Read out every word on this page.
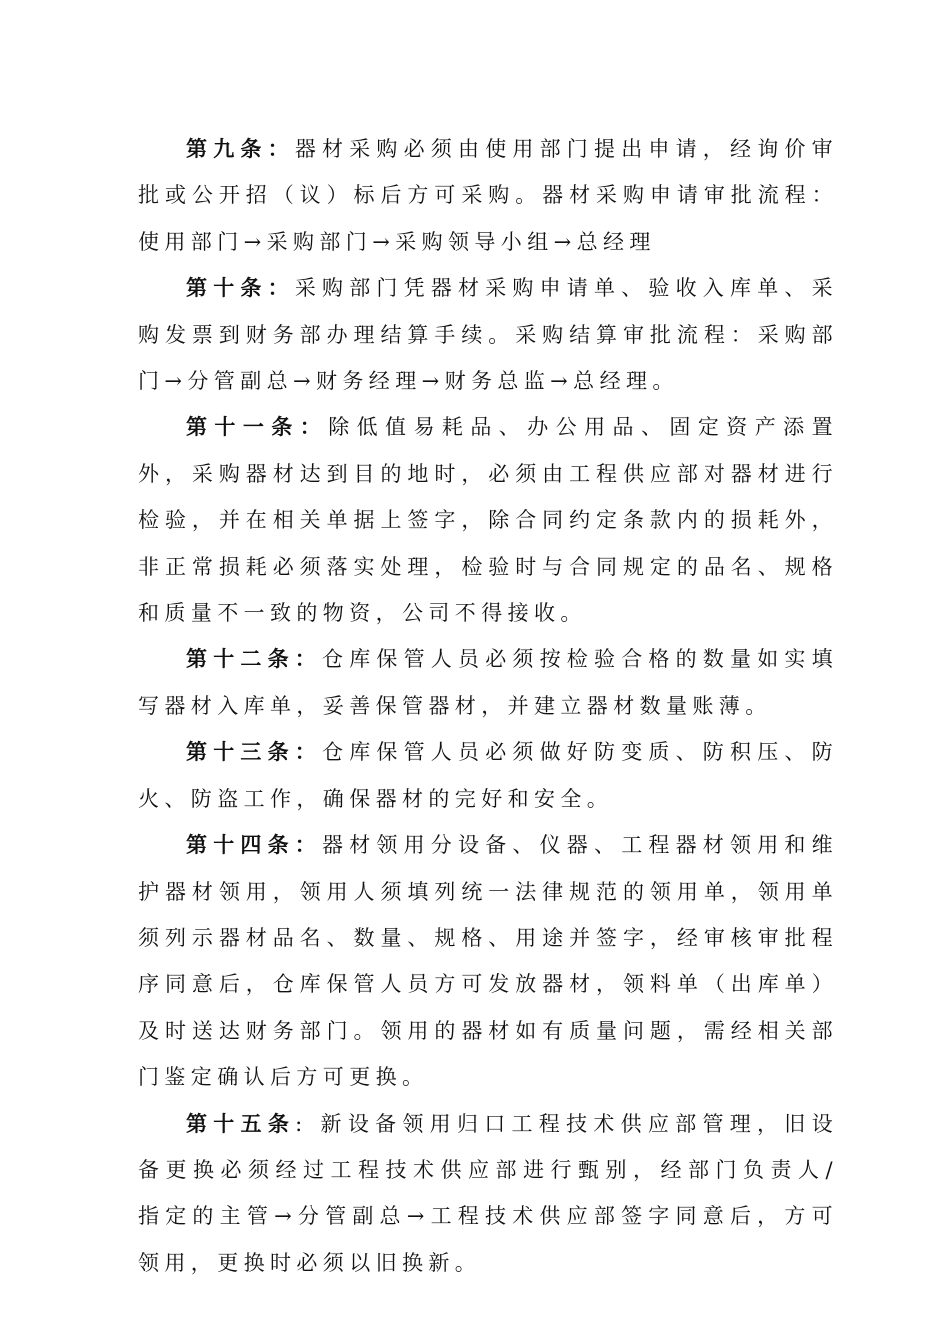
第九条：器材采购必须由使用部门提出申请，经询价审批或公开招（议）标后方可采购。器材采购申请审批流程：使用部门→采购部门→采购领导小组→总经理

第十条：采购部门凭器材采购申请单、验收入库单、采购发票到财务部办理结算手续。采购结算审批流程：采购部门→分管副总→财务经理→财务总监→总经理。

第十一条：除低值易耗品、办公用品、固定资产添置外，采购器材达到目的地时，必须由工程供应部对器材进行检验，并在相关单据上签字，除合同约定条款内的损耗外，非正常损耗必须落实处理，检验时与合同规定的品名、规格和质量不一致的物资，公司不得接收。

第十二条：仓库保管人员必须按检验合格的数量如实填写器材入库单，妥善保管器材，并建立器材数量账薄。

第十三条：仓库保管人员必须做好防变质、防积压、防火、防盗工作，确保器材的完好和安全。

第十四条：器材领用分设备、仪器、工程器材领用和维护器材领用，领用人须填列统一法律规范的领用单，领用单须列示器材品名、数量、规格、用途并签字，经审核审批程序同意后，仓库保管人员方可发放器材，领料单（出库单）及时送达财务部门。领用的器材如有质量问题，需经相关部门鉴定确认后方可更换。

第十五条: 新设备领用归口工程技术供应部管理，旧设备更换必须经过工程技术供应部进行甄别，经部门负责人/ 指定的主管→分管副总→工程技术供应部签字同意后，方可领用，更换时必须以旧换新。
